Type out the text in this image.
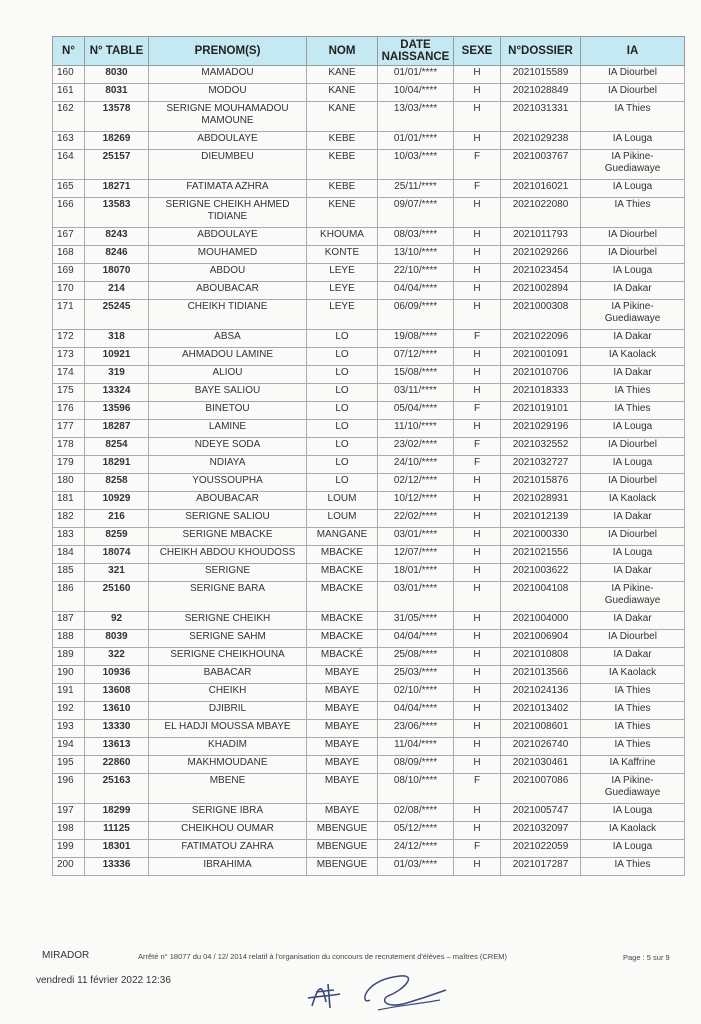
N°	N° TABLE	PRENOM(S)	NOM	DATE NAISSANCE	SEXE	N°DOSSIER	IA
160	8030	MAMADOU	KANE	01/01/****	H	2021015589	IA Diourbel
161	8031	MODOU	KANE	10/04/****	H	2021028849	IA Diourbel
162	13578	SERIGNE MOUHAMADOU MAMOUNE	KANE	13/03/****	H	2021031331	IA Thies
163	18269	ABDOULAYE	KEBE	01/01/****	H	2021029238	IA Louga
164	25157	DIEUMBEU	KEBE	10/03/****	F	2021003767	IA Pikine-Guediawaye
165	18271	FATIMATA AZHRA	KEBE	25/11/****	F	2021016021	IA Louga
166	13583	SERIGNE CHEIKH AHMED TIDIANE	KENE	09/07/****	H	2021022080	IA Thies
167	8243	ABDOULAYE	KHOUMA	08/03/****	H	2021011793	IA Diourbel
168	8246	MOUHAMED	KONTE	13/10/****	H	2021029266	IA Diourbel
169	18070	ABDOU	LEYE	22/10/****	H	2021023454	IA Louga
170	214	ABOUBACAR	LEYE	04/04/****	H	2021002894	IA Dakar
171	25245	CHEIKH TIDIANE	LEYE	06/09/****	H	2021000308	IA Pikine-Guediawaye
172	318	ABSA	LO	19/08/****	F	2021022096	IA Dakar
173	10921	AHMADOU LAMINE	LO	07/12/****	H	2021001091	IA Kaolack
174	319	ALIOU	LO	15/08/****	H	2021010706	IA Dakar
175	13324	BAYE SALIOU	LO	03/11/****	H	2021018333	IA Thies
176	13596	BINETOU	LO	05/04/****	F	2021019101	IA Thies
177	18287	LAMINE	LO	11/10/****	H	2021029196	IA Louga
178	8254	NDEYE SODA	LO	23/02/****	F	2021032552	IA Diourbel
179	18291	NDIAYA	LO	24/10/****	F	2021032727	IA Louga
180	8258	YOUSSOUPHA	LO	02/12/****	H	2021015876	IA Diourbel
181	10929	ABOUBACAR	LOUM	10/12/****	H	2021028931	IA Kaolack
182	216	SERIGNE SALIOU	LOUM	22/02/****	H	2021012139	IA Dakar
183	8259	SERIGNE MBACKE	MANGANE	03/01/****	H	2021000330	IA Diourbel
184	18074	CHEIKH ABDOU KHOUDOSS	MBACKE	12/07/****	H	2021021556	IA Louga
185	321	SERIGNE	MBACKE	18/01/****	H	2021003622	IA Dakar
186	25160	SERIGNE BARA	MBACKE	03/01/****	H	2021004108	IA Pikine-Guediawaye
187	92	SERIGNE CHEIKH	MBACKE	31/05/****	H	2021004000	IA Dakar
188	8039	SERIGNE SAHM	MBACKE	04/04/****	H	2021006904	IA Diourbel
189	322	SERIGNE CHEIKHOUNA	MBACKÉ	25/08/****	H	2021010808	IA Dakar
190	10936	BABACAR	MBAYE	25/03/****	H	2021013566	IA Kaolack
191	13608	CHEIKH	MBAYE	02/10/****	H	2021024136	IA Thies
192	13610	DJIBRIL	MBAYE	04/04/****	H	2021013402	IA Thies
193	13330	EL HADJI MOUSSA MBAYE	MBAYE	23/06/****	H	2021008601	IA Thies
194	13613	KHADIM	MBAYE	11/04/****	H	2021026740	IA Thies
195	22860	MAKHMOUDANE	MBAYE	08/09/****	H	2021030461	IA Kaffrine
196	25163	MBENE	MBAYE	08/10/****	F	2021007086	IA Pikine-Guediawaye
197	18299	SERIGNE IBRA	MBAYE	02/08/****	H	2021005747	IA Louga
198	11125	CHEIKHOU OUMAR	MBENGUE	05/12/****	H	2021032097	IA Kaolack
199	18301	FATIMATOU ZAHRA	MBENGUE	24/12/****	F	2021022059	IA Louga
200	13336	IBRAHIMA	MBENGUE	01/03/****	H	2021017287	IA Thies
MIRADOR	Arrêté n° 18077 du 04 / 12/ 2014 relatif à l'organisation du concours de recrutement d'élèves – maîtres (CREM)	Page : 5 sur 9
vendredi 11 février 2022 12:36
